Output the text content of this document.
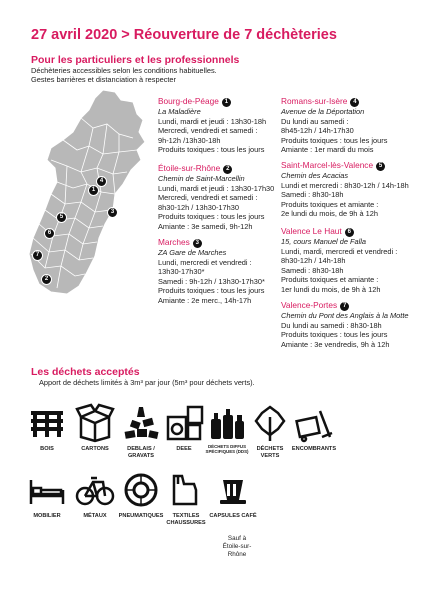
27 avril 2020 > Réouverture de 7 déchèteries
Pour les particuliers et les professionnels
Déchèteries accessibles selon les conditions habituelles.
Gestes barrières et distanciation à respecter
1
2
3
4
5
6
7
Bourg-de-Péage 1
La Maladière
Lundi, mardi et jeudi : 13h30-18h
Mercredi, vendredi et samedi :
9h-12h /13h30-18h
Produits toxiques : tous les jours
Étoile-sur-Rhône 2
Chemin de Saint-Marcellin
Lundi, mardi et jeudi : 13h30-17h30
Mercredi, vendredi et samedi :
8h30-12h / 13h30-17h30
Produits toxiques : tous les jours
Amiante : 3e samedi, 9h-12h
Marches 3
ZA Gare de Marches
Lundi, mercredi et vendredi :
13h30-17h30*
Samedi : 9h-12h / 13h30-17h30*
Produits toxiques : tous les jours
Amiante : 2e merc., 14h-17h
Romans-sur-Isère 4
Avenue de la Déportation
Du lundi au samedi :
8h45-12h / 14h-17h30
Produits toxiques : tous les jours
Amiante : 1er mardi du mois
Saint-Marcel-lès-Valence 5
Chemin des Acacias
Lundi et mercredi : 8h30-12h / 14h-18h
Samedi : 8h30-18h
Produits toxiques et amiante :
2e lundi du mois, de 9h à 12h
Valence Le Haut 6
15, cours Manuel de Falla
Lundi, mardi, mercredi et vendredi :
8h30-12h / 14h-18h
Samedi : 8h30-18h
Produits toxiques et amiante :
1er lundi du mois, de 9h à 12h
Valence-Portes 7
Chemin du Pont des Anglais à la Motte
Du lundi au samedi : 8h30-18h
Produits toxiques : tous les jours
Amiante : 3e vendredis, 9h à 12h
Les déchets acceptés
Apport de déchets limités à 3m³ par jour (5m³ pour déchets verts).
BOIS	CARTONS	DEBLAIS / GRAVATS
DEEE	DÉCHETS DIFFUS SPÉCIFIQUES (DDS)	DÉCHETS VERTS
ENCOMBRANTS
MOBILIER	MÉTAUX	PNEUMATIQUES	TEXTILES CHAUSSURES
CAPSULES CAFÉ
Sauf à
Étoile-sur-
Rhône
